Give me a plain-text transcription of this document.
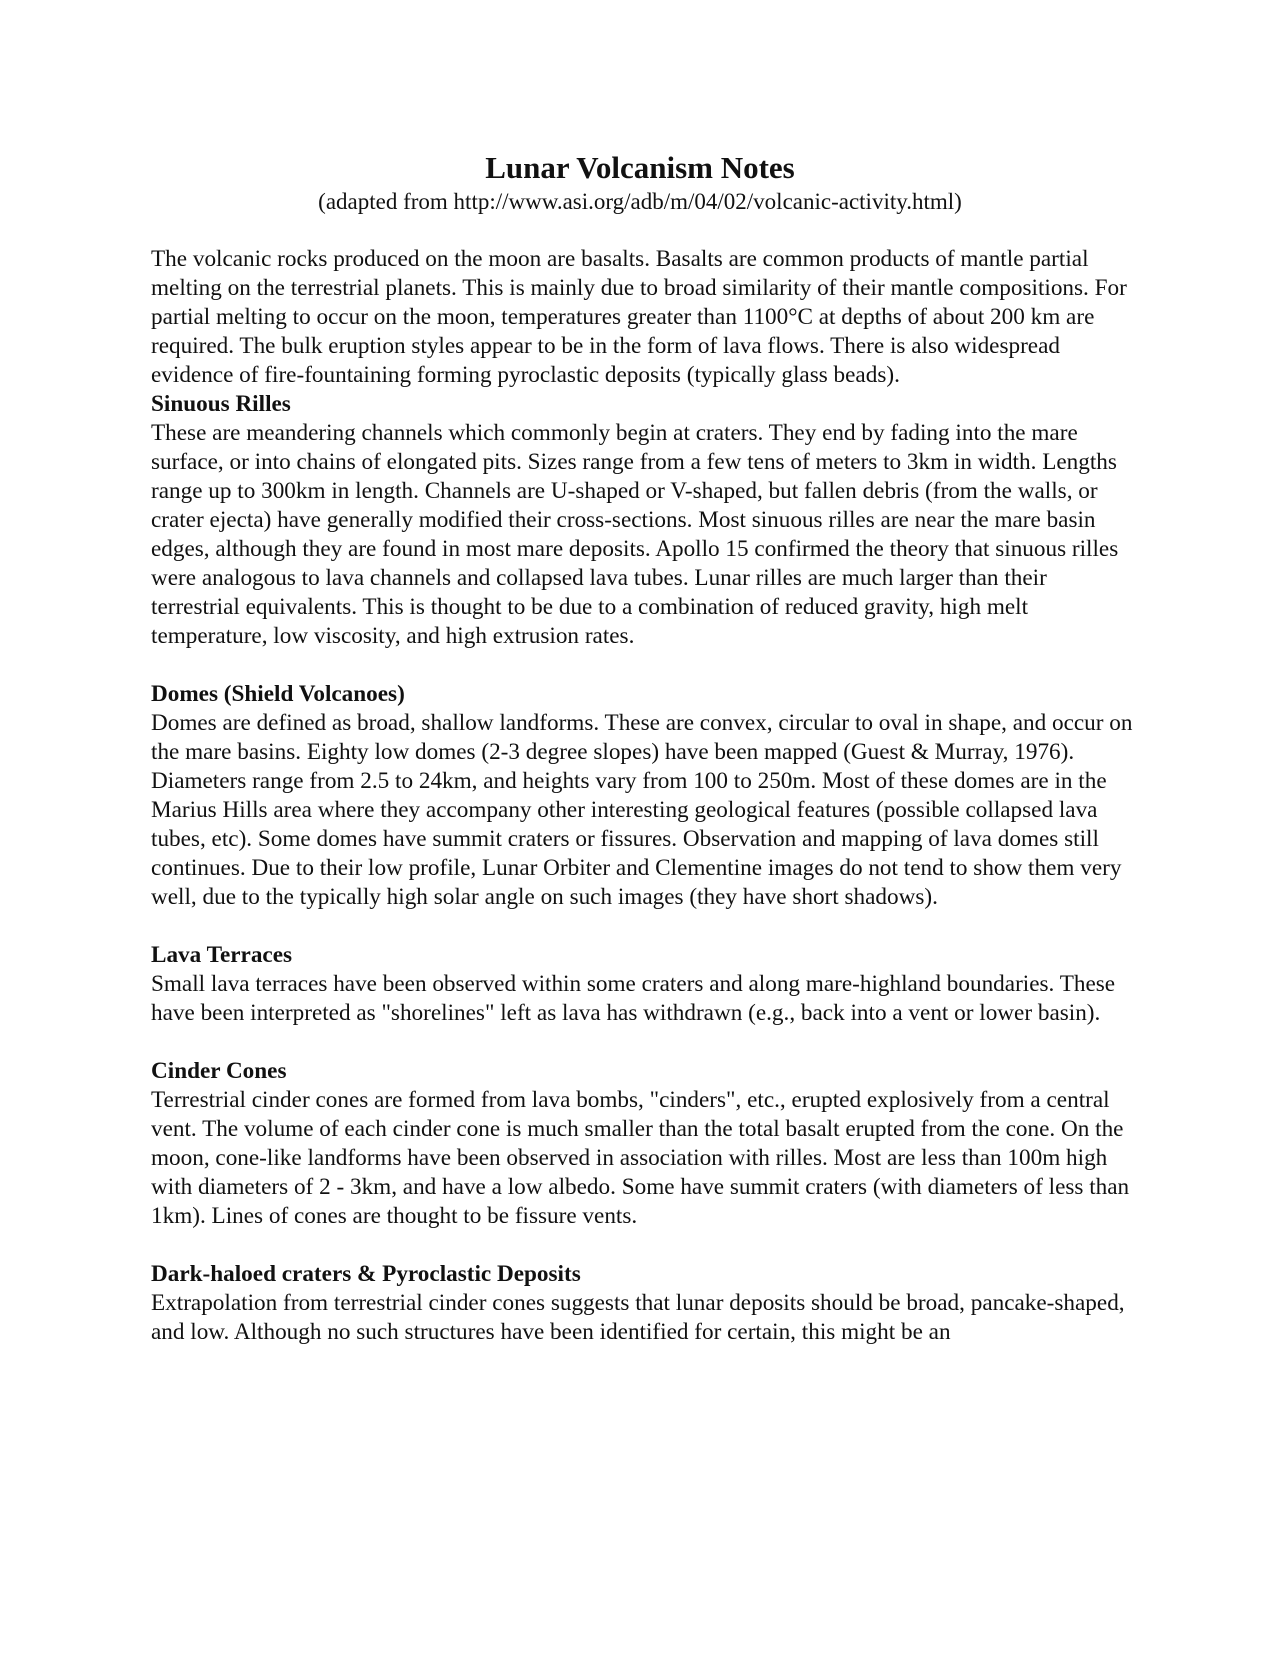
Lunar Volcanism Notes

(adapted from http://www.asi.org/adb/m/04/02/volcanic-activity.html)

The volcanic rocks produced on the moon are basalts. Basalts are common products of mantle partial melting on the terrestrial planets. This is mainly due to broad similarity of their mantle compositions. For partial melting to occur on the moon, temperatures greater than 1100°C at depths of about 200 km are required. The bulk eruption styles appear to be in the form of lava flows. There is also widespread evidence of fire-fountaining forming pyroclastic deposits (typically glass beads).

Sinuous Rilles

These are meandering channels which commonly begin at craters. They end by fading into the mare surface, or into chains of elongated pits. Sizes range from a few tens of meters to 3km in width. Lengths range up to 300km in length. Channels are U-shaped or V-shaped, but fallen debris (from the walls, or crater ejecta) have generally modified their cross-sections. Most sinuous rilles are near the mare basin edges, although they are found in most mare deposits. Apollo 15 confirmed the theory that sinuous rilles were analogous to lava channels and collapsed lava tubes. Lunar rilles are much larger than their terrestrial equivalents. This is thought to be due to a combination of reduced gravity, high melt temperature, low viscosity, and high extrusion rates.

Domes (Shield Volcanoes)

Domes are defined as broad, shallow landforms. These are convex, circular to oval in shape, and occur on the mare basins. Eighty low domes (2-3 degree slopes) have been mapped (Guest & Murray, 1976). Diameters range from 2.5 to 24km, and heights vary from 100 to 250m. Most of these domes are in the Marius Hills area where they accompany other interesting geological features (possible collapsed lava tubes, etc). Some domes have summit craters or fissures. Observation and mapping of lava domes still continues. Due to their low profile, Lunar Orbiter and Clementine images do not tend to show them very well, due to the typically high solar angle on such images (they have short shadows).

Lava Terraces

Small lava terraces have been observed within some craters and along mare-highland boundaries. These have been interpreted as "shorelines" left as lava has withdrawn (e.g., back into a vent or lower basin).

Cinder Cones

Terrestrial cinder cones are formed from lava bombs, "cinders", etc., erupted explosively from a central vent. The volume of each cinder cone is much smaller than the total basalt erupted from the cone. On the moon, cone-like landforms have been observed in association with rilles. Most are less than 100m high with diameters of 2 - 3km, and have a low albedo. Some have summit craters (with diameters of less than 1km). Lines of cones are thought to be fissure vents.

Dark-haloed craters & Pyroclastic Deposits

Extrapolation from terrestrial cinder cones suggests that lunar deposits should be broad, pancake-shaped, and low. Although no such structures have been identified for certain, this might be an
